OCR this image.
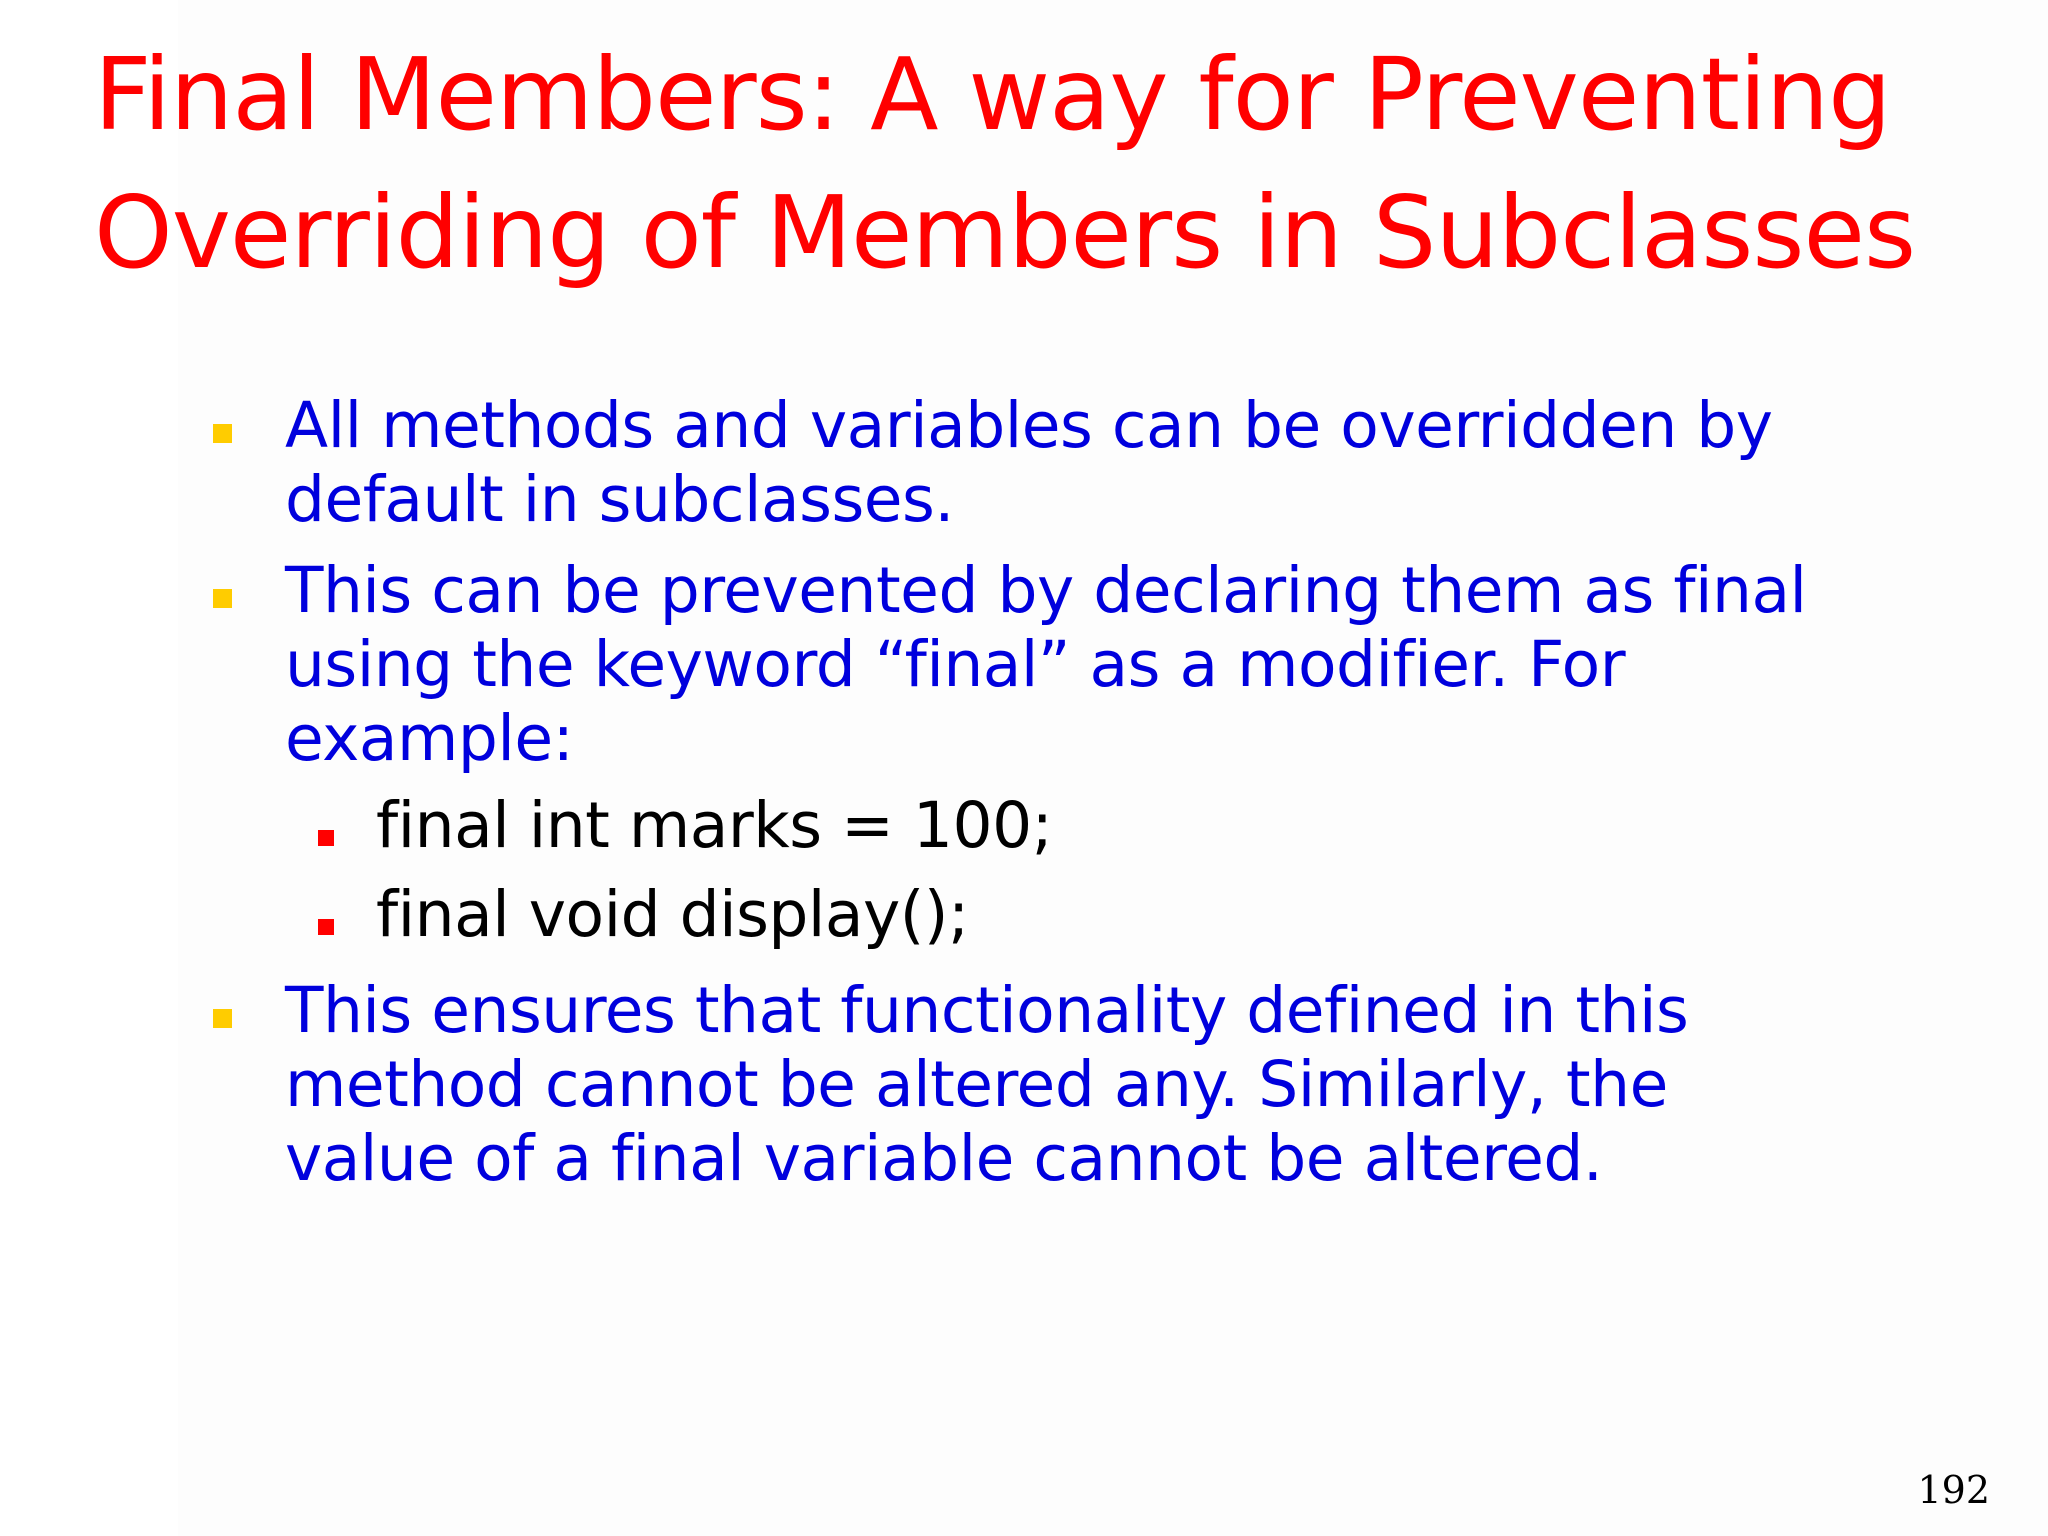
Final Members: A way for Preventing
Overriding of Members in Subclasses
All methods and variables can be overridden by
default in subclasses.
This can be prevented by declaring them as final
using the keyword “final” as a modifier. For
example:
final int marks = 100;
final void display();
This ensures that functionality defined in this
method cannot be altered any. Similarly, the
value of a final variable cannot be altered.
192
